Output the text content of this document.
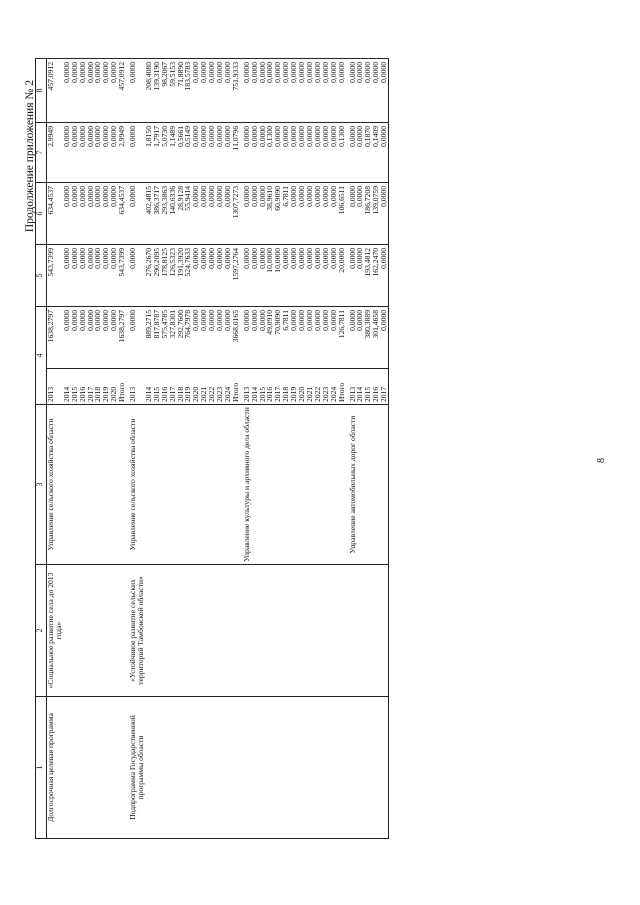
8
Продолжение приложения № 2
1	2	3	4		5	6	7	8
Долгосрочная целевая программа	«Социальное развитие села до 2013 года»	Управление сельского хозяйства области	2013	1638,2797	543,7399	634,4537	2,9949	457,0912
			2014	0,0000	0,0000	0,0000	0,0000	0,0000
			2015	0,0000	0,0000	0,0000	0,0000	0,0000
			2016	0,0000	0,0000	0,0000	0,0000	0,0000
			2017	0,0000	0,0000	0,0000	0,0000	0,0000
			2018	0,0000	0,0000	0,0000	0,0000	0,0000
			2019	0,0000	0,0000	0,0000	0,0000	0,0000
			2020	0,0000	0,0000	0,0000	0,0000	0,0000
			Итого	1638,2797	543,7399	634,4537	2,9949	457,0912
Подпрограмма Государственной программы области	«Устойчивое развитие сельских территорий Тамбовской области»	Управление сельского хозяйства области	2013	0,0000	0,0000	0,0000	0,0000	0,0000
			2014	889,2715	276,2670	402,4815	1,8150	208,4080
			2015	817,8787	290,2095	386,3717	1,7917	139,3190
			2016	575,4785	178,8125	293,3863	5,0730	98,2067
			2017	327,8301	126,5323	140,6336	1,1489	59,5153
			2018	292,7600	191,3920	28,9128	0,5661	71,8890
			2019	764,7978	524,7633	55,9414	0,5149	183,5783
			2020	0,0000	0,0000	0,0000	0,0000	0,0000
			2021	0,0000	0,0000	0,0000	0,0000	0,0000
			2022	0,0000	0,0000	0,0000	0,0000	0,0000
			2023	0,0000	0,0000	0,0000	0,0000	0,0000
			2024	0,0000	0,0000	0,0000	0,0000	0,0000
			Итого	3668,0165	1597,2764	1307,7273	11,0796	751,9333
		Управление культуры и архивного дела области	2013	0,0000	0,0000	0,0000	0,0000	0,0000
			2014	0,0000	0,0000	0,0000	0,0000	0,0000
			2015	0,0000	0,0000	0,0000	0,0000	0,0000
			2016	49,0910	10,0000	38,9610	0,1300	0,0000
			2017	70,9090	10,0000	60,9090	0,0000	0,0000
			2018	6,7811	0,0000	6,7811	0,0000	0,0000
			2019	0,0000	0,0000	0,0000	0,0000	0,0000
			2020	0,0000	0,0000	0,0000	0,0000	0,0000
			2021	0,0000	0,0000	0,0000	0,0000	0,0000
			2022	0,0000	0,0000	0,0000	0,0000	0,0000
			2023	0,0000	0,0000	0,0000	0,0000	0,0000
			2024	0,0000	0,0000	0,0000	0,0000	0,0000
			Итого	126,7811	20,0000	106,6511	0,1300	0,0000
		Управление автомобильных дорог области	2013	0,0000	0,0000	0,0000	0,0000	0,0000
			2014	0,0000	0,0000	0,0000	0,0000	0,0000
			2015	380,3889	193,4812	186,7208	0,1870	0,0000
			2016	301,4658	162,2470	139,0759	0,1409	0,0000
			2017	0,0000	0,0000	0,0000	0,0000	0,0000
